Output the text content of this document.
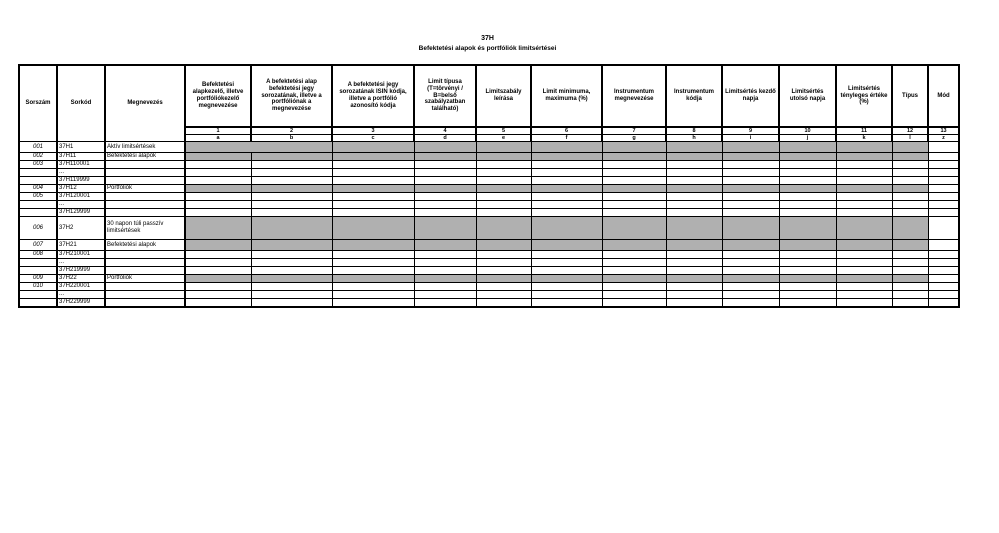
37H
Befektetési alapok és portfóliók limitsértései
Sorszám	Sorkód	Megnevezés	Befektetési alapkezelő, illetve portfóliókezelő megnevezése	A befektetési alap befektetési jegy sorozatának, illetve a portfóliónak a megnevezése	A befektetési jegy sorozatának ISIN kódja, illetve a portfólió azonosító kódja	Limit típusa (T=törvényi / B=belső szabályzatban található)	Limitszabály leírása	Limit minimuma, maximuma (%)	Instrumentum megnevezése	Instrumentum kódja	Limitsértés kezdő napja	Limitsértés utolsó napja	Limitsértés tényleges értéke (%)	Típus	Mód
			1	2	3	4	5	6	7	8	9	10	11	12	13
			a	b	c	d	e	f	g	h	i	j	k	l	z
001	37H1	Aktív limitsértések													
002	37H11	Befektetési alapok													
003	37H110001														
	...														
	37H119999														
004	37H12	Portfóliók													
005	37H120001														
	...														
	37H129999														
006	37H2	30 napon túli passzív limitsértések													
007	37H21	Befektetési alapok													
008	37H210001														
	...														
	37H219999														
009	37H22	Portfóliók													
010	37H220001														
	...														
	37H229999														
